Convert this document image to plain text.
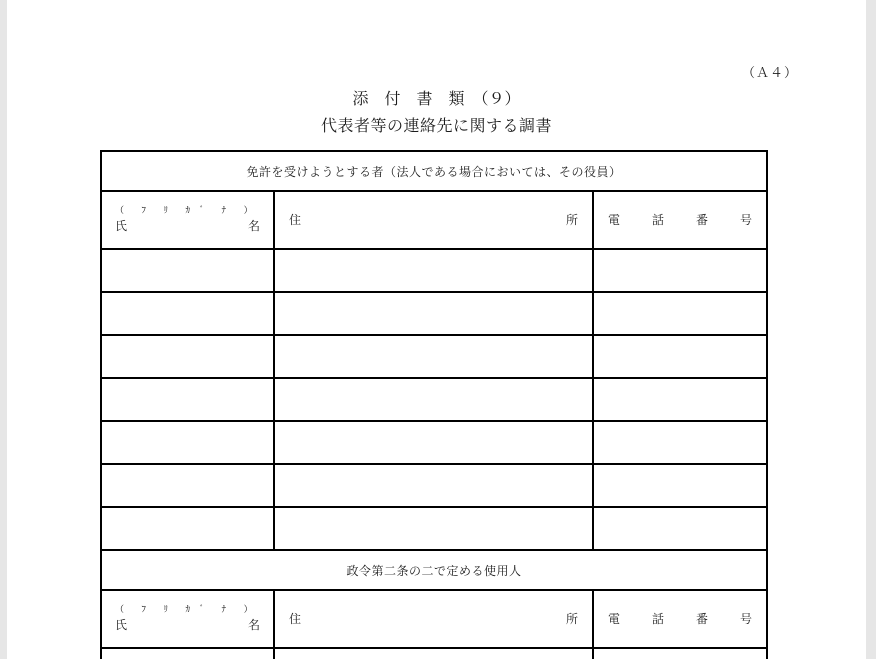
（Ａ４）
添　付　書　類　（９）
代表者等の連絡先に関する調書
免許を受けようとする者（法人である場合においては、その役員）		

（ ﾌ ﾘ ｶ ﾞ ﾅ ）
氏 名	住 所	電 話 番 号

政令第二条の二で定める使用人		

（ ﾌ ﾘ ｶ ﾞ ﾅ ）
氏 名	住 所	電 話 番 号
